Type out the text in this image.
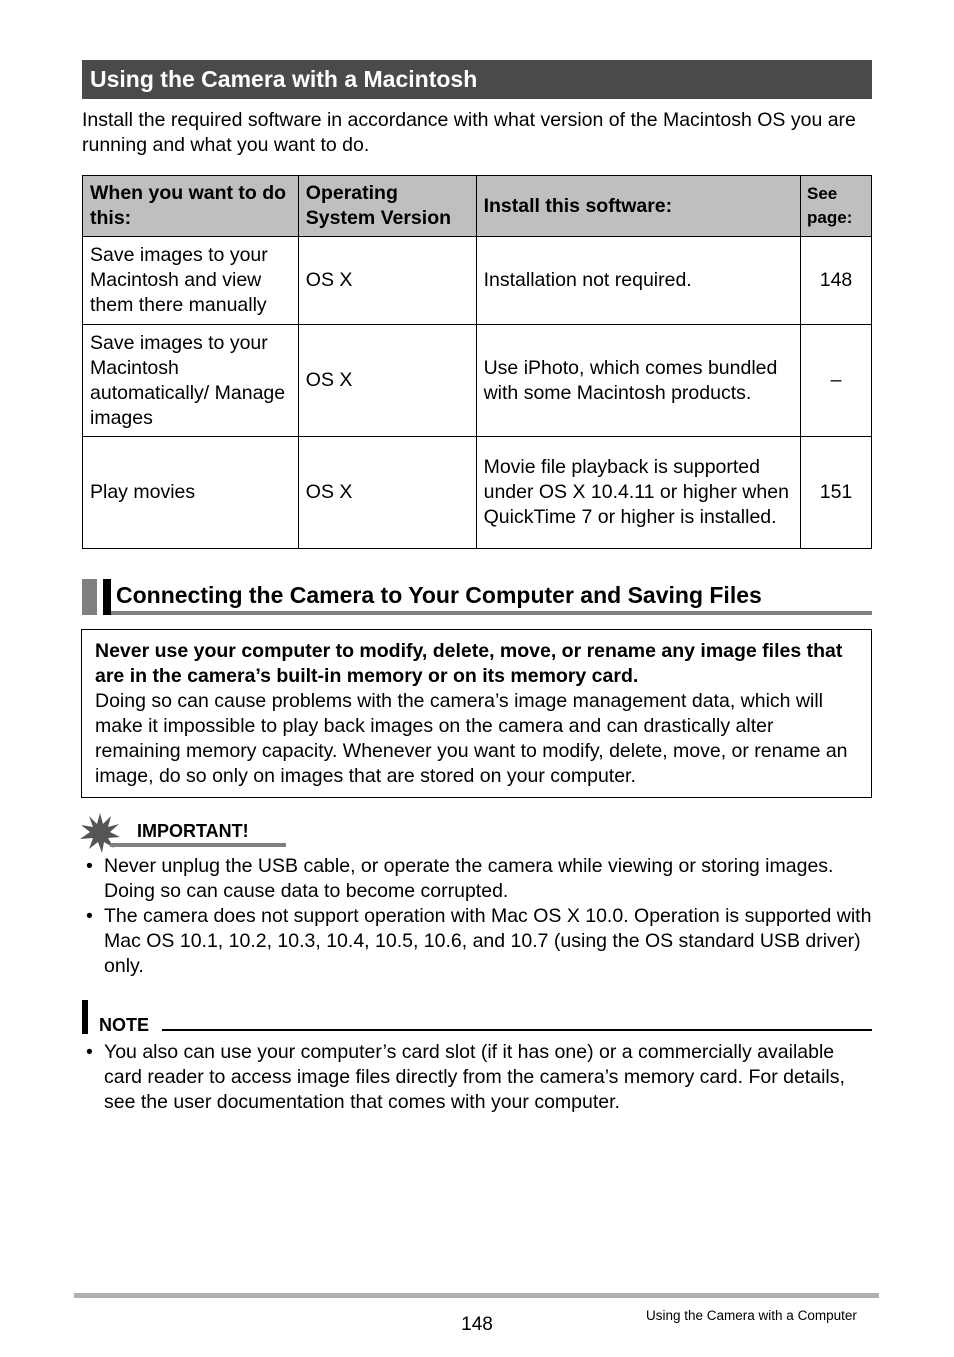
Using the Camera with a Macintosh
Install the required software in accordance with what version of the Macintosh OS you are running and what you want to do.
When you want to do this:	Operating System Version	Install this software:	See page:
Save images to your Macintosh and view them there manually	OS X	Installation not required.	148
Save images to your Macintosh automatically/ Manage images	OS X	Use iPhoto, which comes bundled with some Macintosh products.	–
Play movies	OS X	Movie file playback is supported under OS X 10.4.11 or higher when QuickTime 7 or higher is installed.	151
Connecting the Camera to Your Computer and Saving Files
Never use your computer to modify, delete, move, or rename any image files that are in the camera’s built-in memory or on its memory card.
Doing so can cause problems with the camera’s image management data, which will make it impossible to play back images on the camera and can drastically alter remaining memory capacity. Whenever you want to modify, delete, move, or rename an image, do so only on images that are stored on your computer.
IMPORTANT!
• Never unplug the USB cable, or operate the camera while viewing or storing images. Doing so can cause data to become corrupted.
• The camera does not support operation with Mac OS X 10.0. Operation is supported with Mac OS 10.1, 10.2, 10.3, 10.4, 10.5, 10.6, and 10.7 (using the OS standard USB driver) only.
NOTE
• You also can use your computer’s card slot (if it has one) or a commercially available card reader to access image files directly from the camera’s memory card. For details, see the user documentation that comes with your computer.
148	Using the Camera with a Computer
